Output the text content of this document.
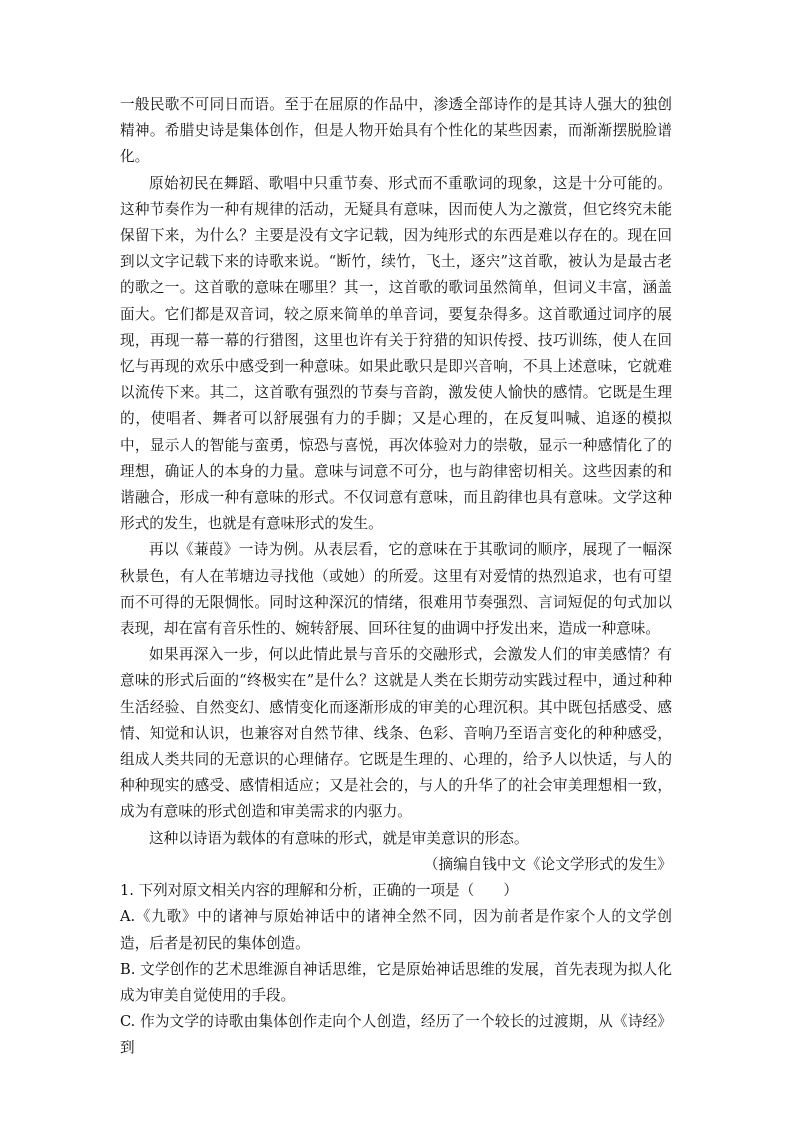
一般民歌不可同日而语。至于在屈原的作品中，渗透全部诗作的是其诗人强大的独创精神。希腊史诗是集体创作，但是人物开始具有个性化的某些因素，而渐渐摆脱脸谱化。

原始初民在舞蹈、歌唱中只重节奏、形式而不重歌词的现象，这是十分可能的。这种节奏作为一种有规律的活动，无疑具有意味，因而使人为之激赏，但它终究未能保留下来，为什么？主要是没有文字记载，因为纯形式的东西是难以存在的。现在回到以文字记载下来的诗歌来说。“断竹，续竹，飞土，逐宍”这首歌，被认为是最古老的歌之一。这首歌的意味在哪里？其一，这首歌的歌词虽然简单，但词义丰富，涵盖面大。它们都是双音词，较之原来简单的单音词，要复杂得多。这首歌通过词序的展现，再现一幕一幕的行猎图，这里也许有关于狩猎的知识传授、技巧训练，使人在回忆与再现的欢乐中感受到一种意味。如果此歌只是即兴音响，不具上述意味，它就难以流传下来。其二，这首歌有强烈的节奏与音韵，激发使人愉快的感情。它既是生理的，使唱者、舞者可以舒展强有力的手脚；又是心理的，在反复叫喊、追逐的模拟中，显示人的智能与蛮勇，惊恐与喜悦，再次体验对力的崇敬，显示一种感情化了的理想，确证人的本身的力量。意味与词意不可分，也与韵律密切相关。这些因素的和谐融合，形成一种有意味的形式。不仅词意有意味，而且韵律也具有意味。文学这种形式的发生，也就是有意味形式的发生。

再以《蒹葭》一诗为例。从表层看，它的意味在于其歌词的顺序，展现了一幅深秋景色，有人在苇塘边寻找他（或她）的所爱。这里有对爱情的热烈追求，也有可望而不可得的无限惆怅。同时这种深沉的情绪，很难用节奏强烈、言词短促的句式加以表现，却在富有音乐性的、婉转舒展、回环往复的曲调中抒发出来，造成一种意味。

如果再深入一步，何以此情此景与音乐的交融形式，会激发人们的审美感情？有意味的形式后面的“终极实在”是什么？这就是人类在长期劳动实践过程中，通过种种生活经验、自然变幻、感情变化而逐渐形成的审美的心理沉积。其中既包括感受、感情、知觉和认识，也兼容对自然节律、线条、色彩、音响乃至语言变化的种种感受，组成人类共同的无意识的心理储存。它既是生理的、心理的，给予人以快适，与人的种种现实的感受、感情相适应；又是社会的，与人的升华了的社会审美理想相一致，成为有意味的形式创造和审美需求的内驱力。

这种以诗语为载体的有意味的形式，就是审美意识的形态。

（摘编自钱中文《论文学形式的发生》

1. 下列对原文相关内容的理解和分析，正确的一项是（　　）

A.《九歌》中的诸神与原始神话中的诸神全然不同，因为前者是作家个人的文学创造，后者是初民的集体创造。

B. 文学创作的艺术思维源自神话思维，它是原始神话思维的发展，首先表现为拟人化成为审美自觉使用的手段。

C. 作为文学的诗歌由集体创作走向个人创造，经历了一个较长的过渡期，从《诗经》到
